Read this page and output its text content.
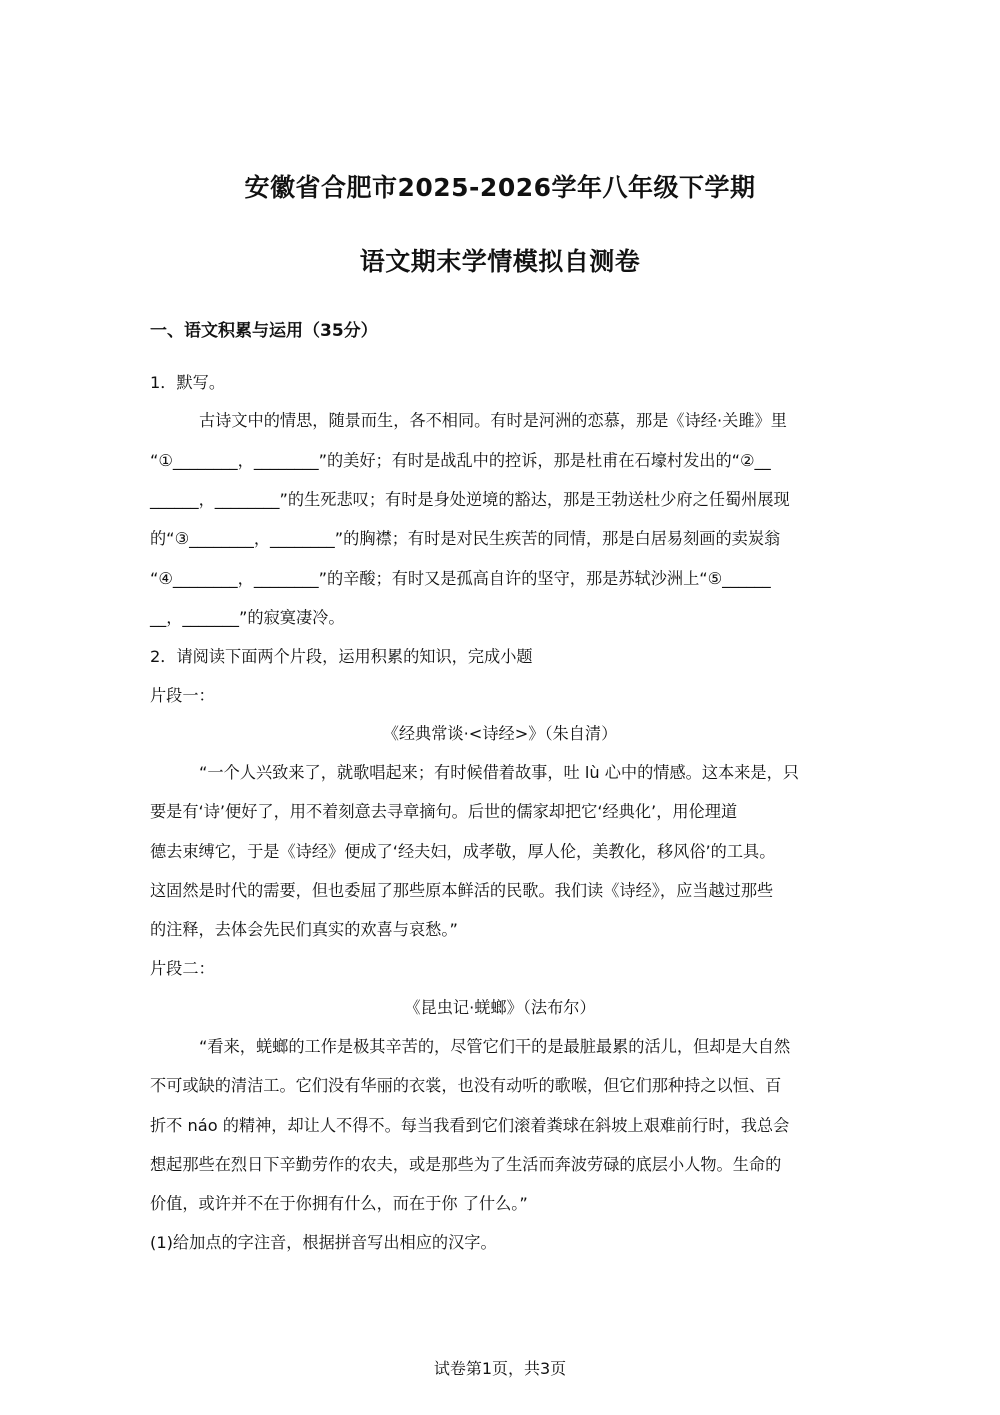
安徽省合肥市2025-2026学年八年级下学期
语文期末学情模拟自测卷
一、语文积累与运用（35分）
1．默写。
古诗文中的情思，随景而生，各不相同。有时是河洲的恋慕，那是《诗经·关雎》里
“①________，________”的美好；有时是战乱中的控诉，那是杜甫在石壕村发出的“②__
______，________”的生死悲叹；有时是身处逆境的豁达，那是王勃送杜少府之任蜀州展现
的“③________，________”的胸襟；有时是对民生疾苦的同情，那是白居易刻画的卖炭翁
“④________，________”的辛酸；有时又是孤高自许的坚守，那是苏轼沙洲上“⑤______
__，_______”的寂寞凄冷。
2．请阅读下面两个片段，运用积累的知识，完成小题
片段一：
《经典常谈·<诗经>》（朱自清）
“一个人兴致来了，就歌唱起来；有时候借着故事，吐 lù 心中的情感。这本来是，只
要是有‘诗’便好了，用不着刻意去寻章摘句。后世的儒家却把它‘经典化’，用伦理道
德去束缚它，于是《诗经》便成了‘经夫妇，成孝敬，厚人伦，美教化，移风俗’的工具。
这固然是时代的需要，但也委屈了那些原本鲜活的民歌。我们读《诗经》，应当越过那些
的注释，去体会先民们真实的欢喜与哀愁。”
片段二：
《昆虫记·蜣螂》（法布尔）
“看来，蜣螂的工作是极其辛苦的，尽管它们干的是最脏最累的活儿，但却是大自然
不可或缺的清洁工。它们没有华丽的衣裳，也没有动听的歌喉，但它们那种持之以恒、百
折不 náo 的精神，却让人不得不。每当我看到它们滚着粪球在斜坡上艰难前行时，我总会
想起那些在烈日下辛勤劳作的农夫，或是那些为了生活而奔波劳碌的底层小人物。生命的
价值，或许并不在于你拥有什么，而在于你 了什么。”
(1)给加点的字注音，根据拼音写出相应的汉字。
试卷第1页，共3页
